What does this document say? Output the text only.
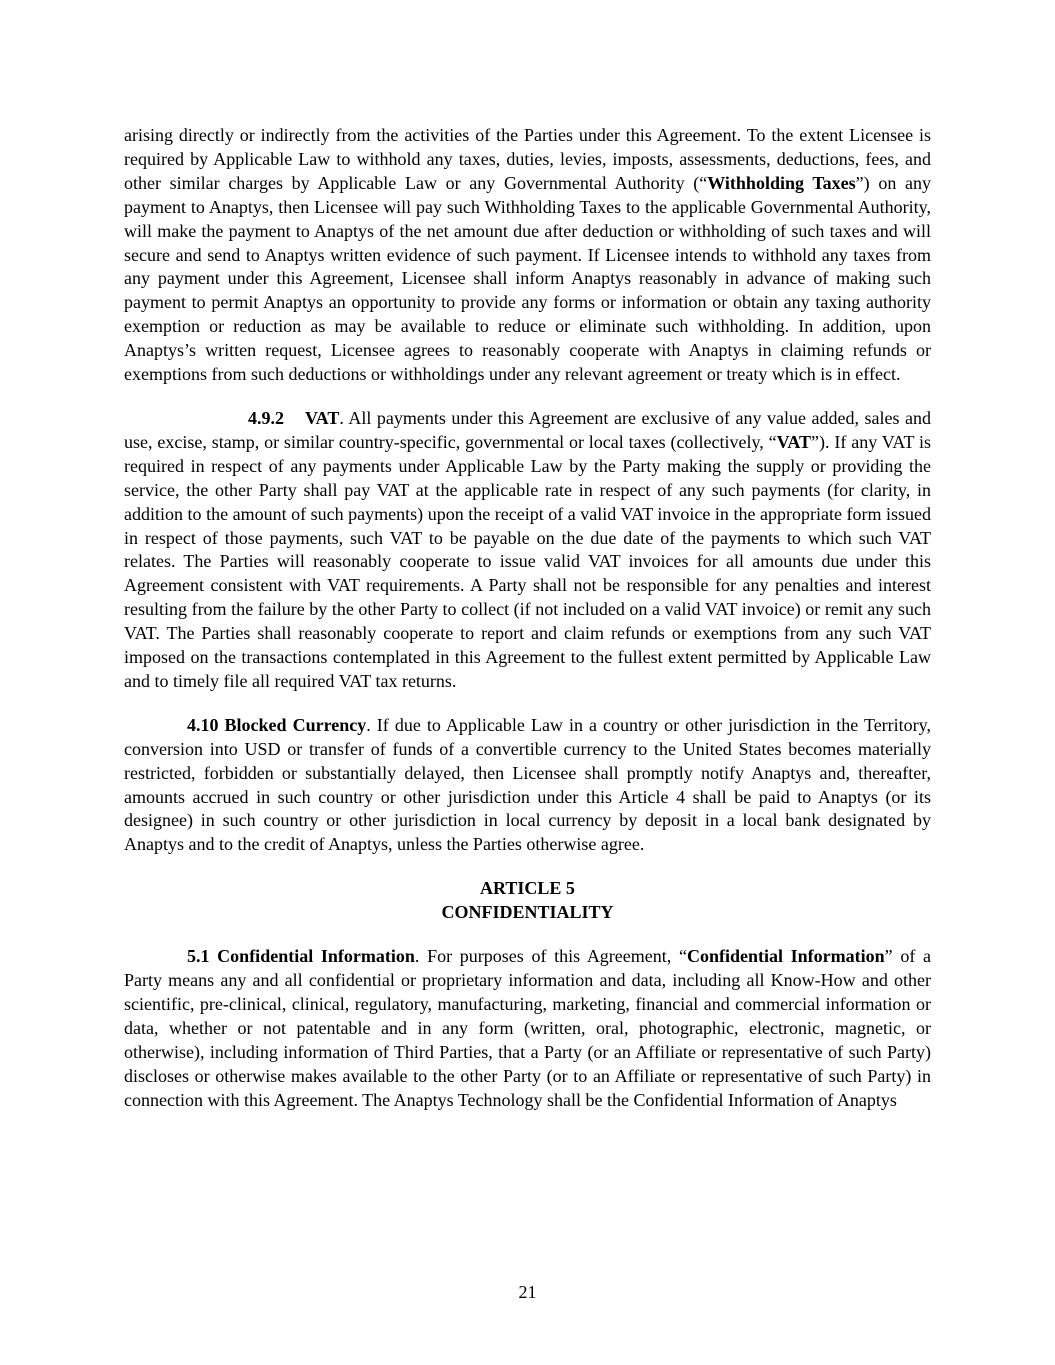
arising directly or indirectly from the activities of the Parties under this Agreement. To the extent Licensee is required by Applicable Law to withhold any taxes, duties, levies, imposts, assessments, deductions, fees, and other similar charges by Applicable Law or any Governmental Authority (“Withholding Taxes”) on any payment to Anaptys, then Licensee will pay such Withholding Taxes to the applicable Governmental Authority, will make the payment to Anaptys of the net amount due after deduction or withholding of such taxes and will secure and send to Anaptys written evidence of such payment. If Licensee intends to withhold any taxes from any payment under this Agreement, Licensee shall inform Anaptys reasonably in advance of making such payment to permit Anaptys an opportunity to provide any forms or information or obtain any taxing authority exemption or reduction as may be available to reduce or eliminate such withholding. In addition, upon Anaptys’s written request, Licensee agrees to reasonably cooperate with Anaptys in claiming refunds or exemptions from such deductions or withholdings under any relevant agreement or treaty which is in effect.

4.9.2 VAT. All payments under this Agreement are exclusive of any value added, sales and use, excise, stamp, or similar country-specific, governmental or local taxes (collectively, “VAT”). If any VAT is required in respect of any payments under Applicable Law by the Party making the supply or providing the service, the other Party shall pay VAT at the applicable rate in respect of any such payments (for clarity, in addition to the amount of such payments) upon the receipt of a valid VAT invoice in the appropriate form issued in respect of those payments, such VAT to be payable on the due date of the payments to which such VAT relates. The Parties will reasonably cooperate to issue valid VAT invoices for all amounts due under this Agreement consistent with VAT requirements. A Party shall not be responsible for any penalties and interest resulting from the failure by the other Party to collect (if not included on a valid VAT invoice) or remit any such VAT. The Parties shall reasonably cooperate to report and claim refunds or exemptions from any such VAT imposed on the transactions contemplated in this Agreement to the fullest extent permitted by Applicable Law and to timely file all required VAT tax returns.

4.10 Blocked Currency. If due to Applicable Law in a country or other jurisdiction in the Territory, conversion into USD or transfer of funds of a convertible currency to the United States becomes materially restricted, forbidden or substantially delayed, then Licensee shall promptly notify Anaptys and, thereafter, amounts accrued in such country or other jurisdiction under this Article 4 shall be paid to Anaptys (or its designee) in such country or other jurisdiction in local currency by deposit in a local bank designated by Anaptys and to the credit of Anaptys, unless the Parties otherwise agree.

ARTICLE 5
CONFIDENTIALITY

5.1 Confidential Information. For purposes of this Agreement, “Confidential Information” of a Party means any and all confidential or proprietary information and data, including all Know-How and other scientific, pre-clinical, clinical, regulatory, manufacturing, marketing, financial and commercial information or data, whether or not patentable and in any form (written, oral, photographic, electronic, magnetic, or otherwise), including information of Third Parties, that a Party (or an Affiliate or representative of such Party) discloses or otherwise makes available to the other Party (or to an Affiliate or representative of such Party) in connection with this Agreement. The Anaptys Technology shall be the Confidential Information of Anaptys

21
